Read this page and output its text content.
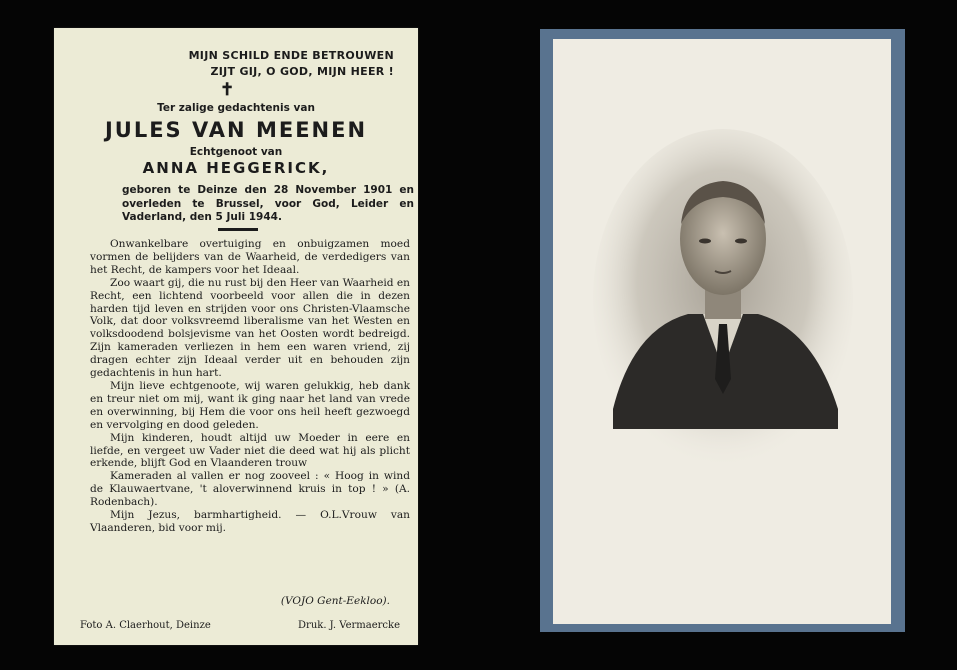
MIJN SCHILD ENDE BETROUWEN
ZIJT GIJ, O GOD, MIJN HEER !
✝
Ter zalige gedachtenis van
JULES VAN MEENEN
Echtgenoot van
ANNA HEGGERICK,
geboren te Deinze den 28 November 1901 en overleden te Brussel, voor God, Leider en Vaderland, den 5 Juli 1944.

Onwankelbare overtuiging en onbuigzamen moed vormen de belijders van de Waarheid, de verdedigers van het Recht, de kampers voor het Ideaal.

Zoo waart gij, die nu rust bij den Heer van Waarheid en Recht, een lichtend voorbeeld voor allen die in dezen harden tijd leven en strijden voor ons Christen-Vlaamsche Volk, dat door volksvreemd liberalisme van het Westen en volksdoodend bolsjevisme van het Oosten wordt bedreigd. Zijn kameraden verliezen in hem een waren vriend, zij dragen echter zijn Ideaal verder uit en behouden zijn gedachtenis in hun hart.

Mijn lieve echtgenoote, wij waren gelukkig, heb dank en treur niet om mij, want ik ging naar het land van vrede en overwinning, bij Hem die voor ons heil heeft gezwoegd en vervolging en dood geleden.

Mijn kinderen, houdt altijd uw Moeder in eere en liefde, en vergeet uw Vader niet die deed wat hij als plicht erkende, blijft God en Vlaanderen trouw

Kameraden al vallen er nog zooveel : « Hoog in wind de Klauwaertvane, 't aloverwinnend kruis in top ! » (A. Rodenbach).

Mijn Jezus, barmhartigheid. — O.L.Vrouw van Vlaanderen, bid voor mij.

(VOJO Gent-Eekloo).
Foto A. Claerhout, Deinze	Druk. J. Vermaercke
